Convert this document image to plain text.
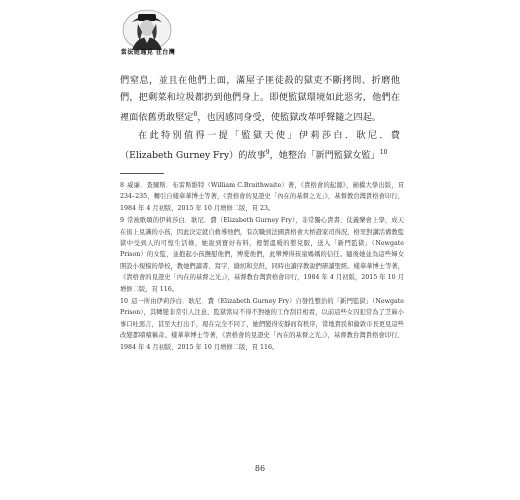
當法庭遇見 在台灣

們窒息，並且在他們上面，滿屋子匪徒殺的獄吏不斷拷問、折磨他們，把剩菜和垃圾都扔到他們身上。即便監獄環境如此惡劣，他們在裡面依舊勇敢堅定$^8$，也因感同身受，使監獄改革呼聲隨之四起。

在此特別值得一提「監獄天使」伊莉莎白．耿尼．費（Elizabeth Gurney Fry）的故事$^9$，她整治「新門監獄女監」$^{10}$

8 威廉．查爾斯．布雷斯維特（William C.Braithwaite）著，《貴格會的起源》，劍橋大學出版，頁234–235，轉引自樣華華博士等著，《貴格會的見證史「內在的基督之光」》，基督教台灣貴格會印行，1984 年 4 月初版，2015 年 10 月增修二版，頁 23。

9 常被歌頌的伊莉莎白．耿尼．費（Elizabeth Gurney Fry），非常獨心貴書、仗義樂會上學，成天在街上見識的小孩，因此決定就自救導他們，有次職到法國貴格會大桥證家司得況，格里對講活備教監獄中受到人的可惶生活條，她說到寶好布料，裡製溫暖的嬰兒服，送入「新門監獄」（Newgate Prison）的女監，並抱起小孩撫慰他們，博愛他們，此舉博得孩童媽媽的信任。隨後她並為這些婦女開設小規模的學校，教她們讀書、寫字、縫紉和烹飪，同時也讀序教說們研讀聖經。樣華華博士等著，《貴格會的見證史「內在的基督之光」》，基督教台灣貴格會印行，1984 年 4 月初版，2015 年 10 月增修二版，頁 116。

10 這一所由伊莉莎白．耿尼．費（Elizabeth Gurney Fry）自發性整治的「新門監獄」（Newgate Prison），其轉變非常引人注意，監獄當局不得不對她的工作刮目相看，以前這些女囚犯常為了芝麻小事口吐惡言，甚至大打出手，現在完全不同了，她們變得安靜而有秩序，當地貴民和倫敦市長更見這些改變都嘖嘖稱奇。樣華華博士等著，《貴格會的見證史「內在的基督之光」》，基督教台灣貴格會印行，1984 年 4 月初版，2015 年 10 月增修二版，頁 116。

86
